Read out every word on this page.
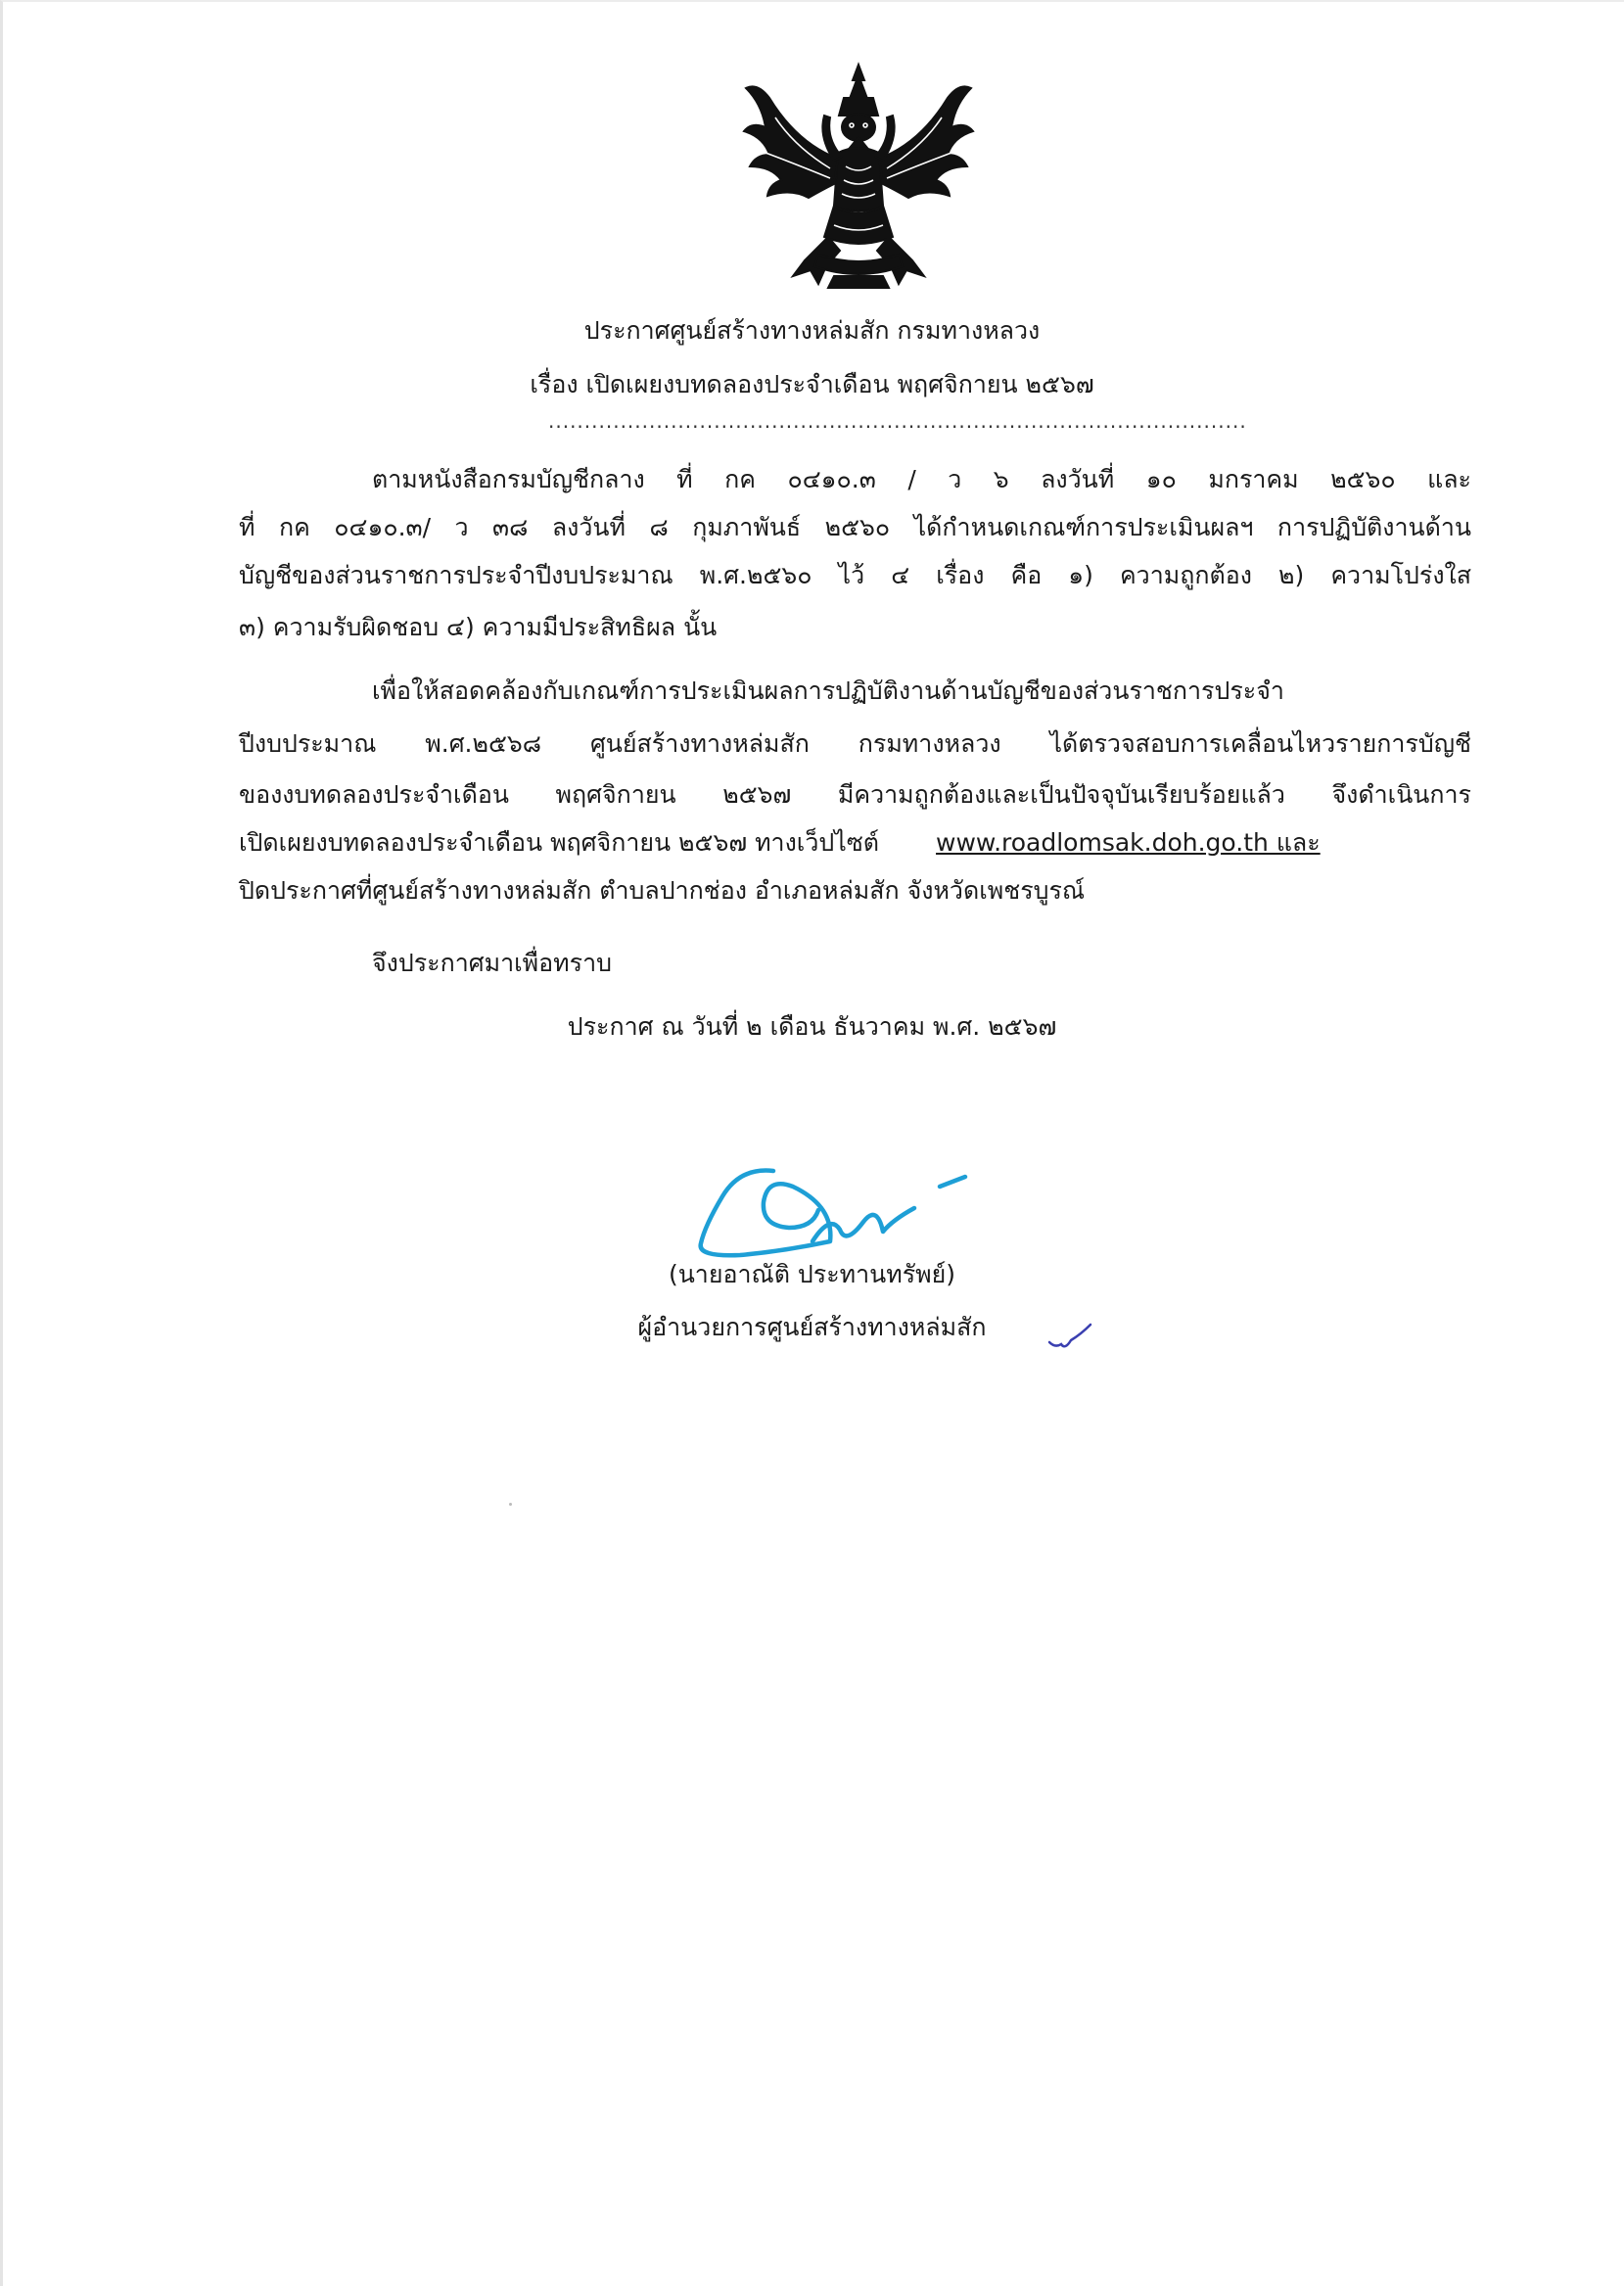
ประกาศศูนย์สร้างทางหล่มสัก กรมทางหลวง
เรื่อง เปิดเผยงบทดลองประจำเดือน พฤศจิกายน ๒๕๖๗
.................................................................................................
ตามหนังสือกรมบัญชีกลาง ที่ กค ๐๔๑๐.๓ / ว ๖ ลงวันที่ ๑๐ มกราคม ๒๕๖๐ และ
ที่ กค ๐๔๑๐.๓/ ว ๓๘ ลงวันที่ ๘ กุมภาพันธ์ ๒๕๖๐ ได้กำหนดเกณฑ์การประเมินผลฯ การปฏิบัติงานด้าน
บัญชีของส่วนราชการประจำปีงบประมาณ พ.ศ.๒๕๖๐ ไว้ ๔ เรื่อง คือ ๑) ความถูกต้อง ๒) ความโปร่งใส
๓) ความรับผิดชอบ ๔) ความมีประสิทธิผล นั้น
เพื่อให้สอดคล้องกับเกณฑ์การประเมินผลการปฏิบัติงานด้านบัญชีของส่วนราชการประจำ
ปีงบประมาณ พ.ศ.๒๕๖๘ ศูนย์สร้างทางหล่มสัก กรมทางหลวง ได้ตรวจสอบการเคลื่อนไหวรายการบัญชี
ของงบทดลองประจำเดือน พฤศจิกายน ๒๕๖๗ มีความถูกต้องและเป็นปัจจุบันเรียบร้อยแล้ว จึงดำเนินการ
เปิดเผยงบทดลองประจำเดือน พฤศจิกายน ๒๕๖๗ ทางเว็ปไซต์ www.roadlomsak.doh.go.th และ
ปิดประกาศที่ศูนย์สร้างทางหล่มสัก ตำบลปากช่อง อำเภอหล่มสัก จังหวัดเพชรบูรณ์
จึงประกาศมาเพื่อทราบ
ประกาศ ณ วันที่ ๒ เดือน ธันวาคม พ.ศ. ๒๕๖๗
(นายอาณัติ ประทานทรัพย์)
ผู้อำนวยการศูนย์สร้างทางหล่มสัก
